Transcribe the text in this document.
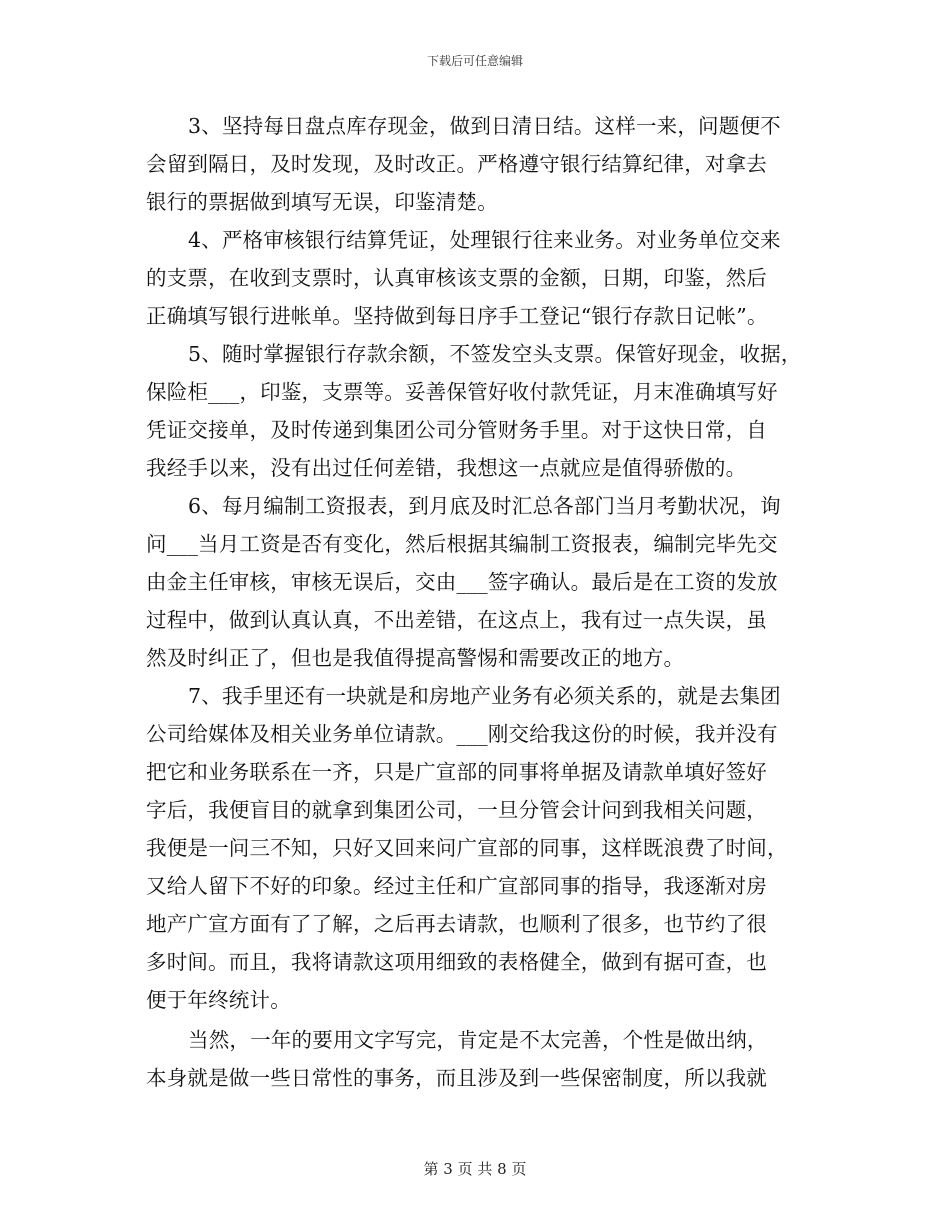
下载后可任意编辑
3、坚持每日盘点库存现金，做到日清日结。这样一来，问题便不
会留到隔日，及时发现，及时改正。严格遵守银行结算纪律，对拿去
银行的票据做到填写无误，印鉴清楚。
4、严格审核银行结算凭证，处理银行往来业务。对业务单位交来
的支票，在收到支票时，认真审核该支票的金额，日期，印鉴，然后
正确填写银行进帐单。坚持做到每日序手工登记“银行存款日记帐”。
5、随时掌握银行存款余额，不签发空头支票。保管好现金，收据，
保险柜___，印鉴，支票等。妥善保管好收付款凭证，月末准确填写好
凭证交接单，及时传递到集团公司分管财务手里。对于这快日常，自
我经手以来，没有出过任何差错，我想这一点就应是值得骄傲的。
6、每月编制工资报表，到月底及时汇总各部门当月考勤状况，询
问___当月工资是否有变化，然后根据其编制工资报表，编制完毕先交
由金主任审核，审核无误后，交由___签字确认。最后是在工资的发放
过程中，做到认真认真，不出差错，在这点上，我有过一点失误，虽
然及时纠正了，但也是我值得提高警惕和需要改正的地方。
7、我手里还有一块就是和房地产业务有必须关系的，就是去集团
公司给媒体及相关业务单位请款。___刚交给我这份的时候，我并没有
把它和业务联系在一齐，只是广宣部的同事将单据及请款单填好签好
字后，我便盲目的就拿到集团公司，一旦分管会计问到我相关问题，
我便是一问三不知，只好又回来问广宣部的同事，这样既浪费了时间，
又给人留下不好的印象。经过主任和广宣部同事的指导，我逐渐对房
地产广宣方面有了了解，之后再去请款，也顺利了很多，也节约了很
多时间。而且，我将请款这项用细致的表格健全，做到有据可查，也
便于年终统计。
当然，一年的要用文字写完，肯定是不太完善，个性是做出纳，
本身就是做一些日常性的事务，而且涉及到一些保密制度，所以我就
第 3 页 共 8 页
